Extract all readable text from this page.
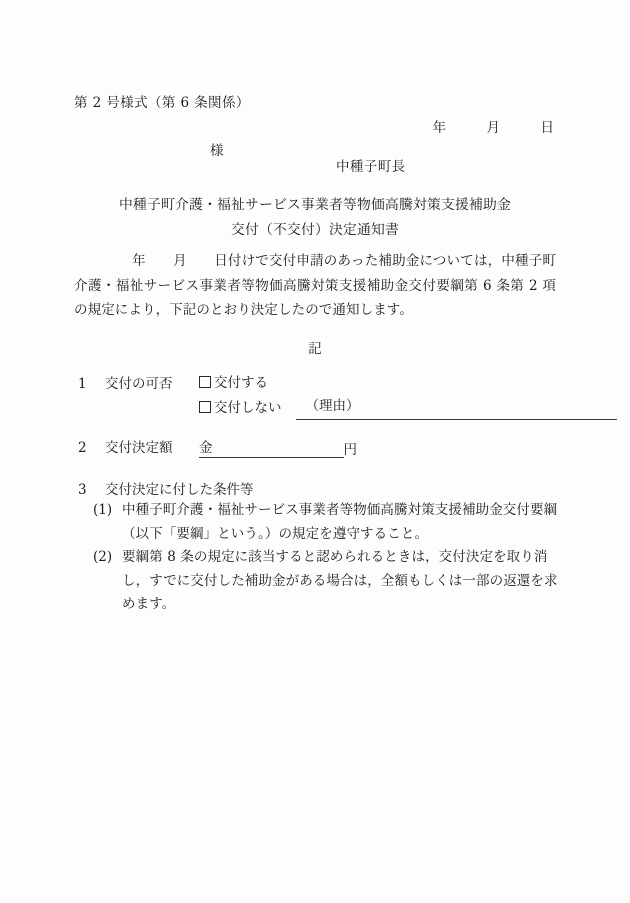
第 2 号様式（第 6 条関係）
年　　　月　　　日
様
中種子町長
中種子町介護・福祉サービス事業者等物価高騰対策支援補助金
交付（不交付）決定通知書
年　　月　　日付けで交付申請のあった補助金については，中種子町介護・福祉サービス事業者等物価高騰対策支援補助金交付要綱第 6 条第 2 項の規定により，下記のとおり決定したので通知します。
記
1 交付の可否	交付する
交付しない	（理由）
2 交付決定額	金	円
3 交付決定に付した条件等
(1) 中種子町介護・福祉サービス事業者等物価高騰対策支援補助金交付要綱（以下「要綱」という。）の規定を遵守すること。
(2) 要綱第 8 条の規定に該当すると認められるときは，交付決定を取り消し，すでに交付した補助金がある場合は，全額もしくは一部の返還を求めます。
